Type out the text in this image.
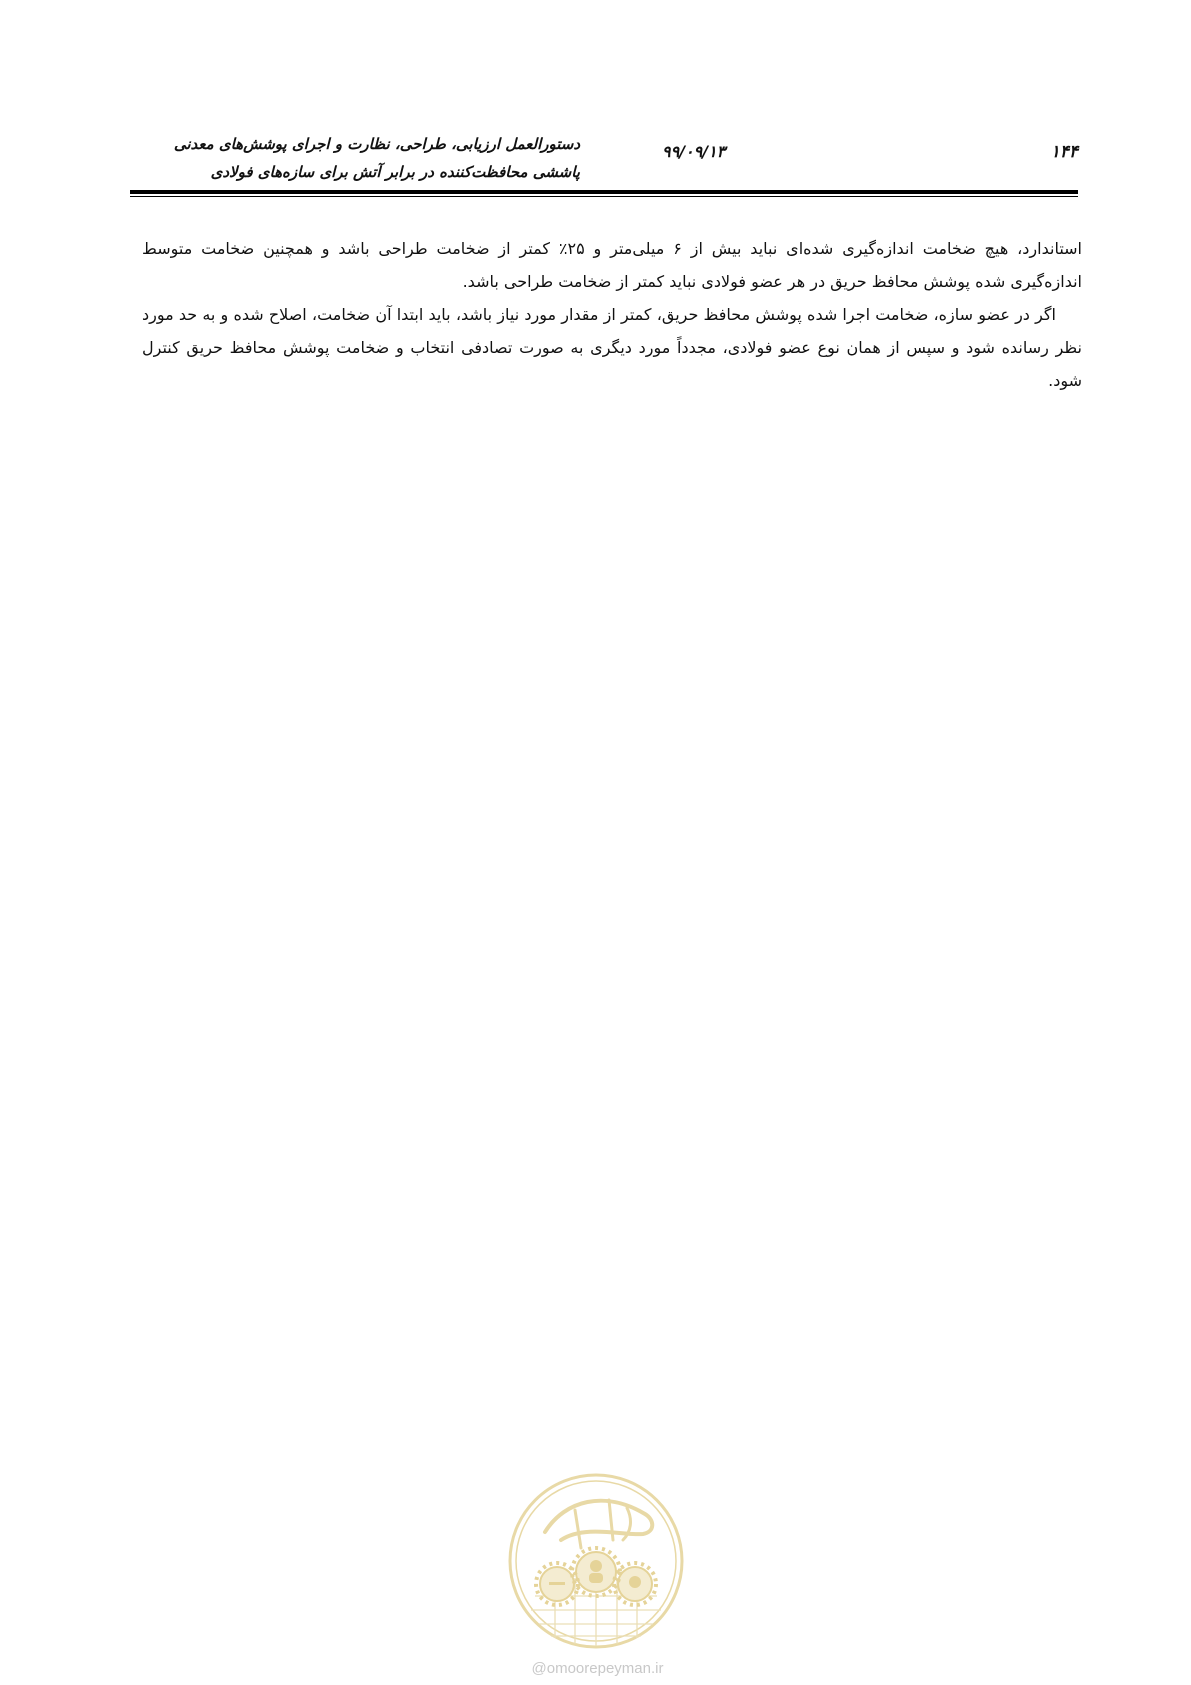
دستورالعمل ارزیابی، طراحی، نظارت و اجرای پوشش‌های معدنی
پاششی محافظت‌کننده در برابر آتش برای سازه‌های فولادی
۹۹/۰۹/۱۳	۱۴۴

استاندارد، هیچ ضخامت اندازه‌گیری شده‌ای نباید بیش از ۶ میلی‌متر و ۲۵٪ کمتر از ضخامت طراحی باشد و همچنین ضخامت متوسط اندازه‌گیری شده پوشش محافظ حریق در هر عضو فولادی نباید کمتر از ضخامت طراحی باشد.

اگر در عضو سازه، ضخامت اجرا شده پوشش محافظ حریق، کمتر از مقدار مورد نیاز باشد، باید ابتدا آن ضخامت، اصلاح شده و به حد مورد نظر رسانده شود و سپس از همان نوع عضو فولادی، مجدداً مورد دیگری به صورت تصادفی انتخاب و ضخامت پوشش محافظ حریق کنترل شود.

@omoorepeyman.ir
